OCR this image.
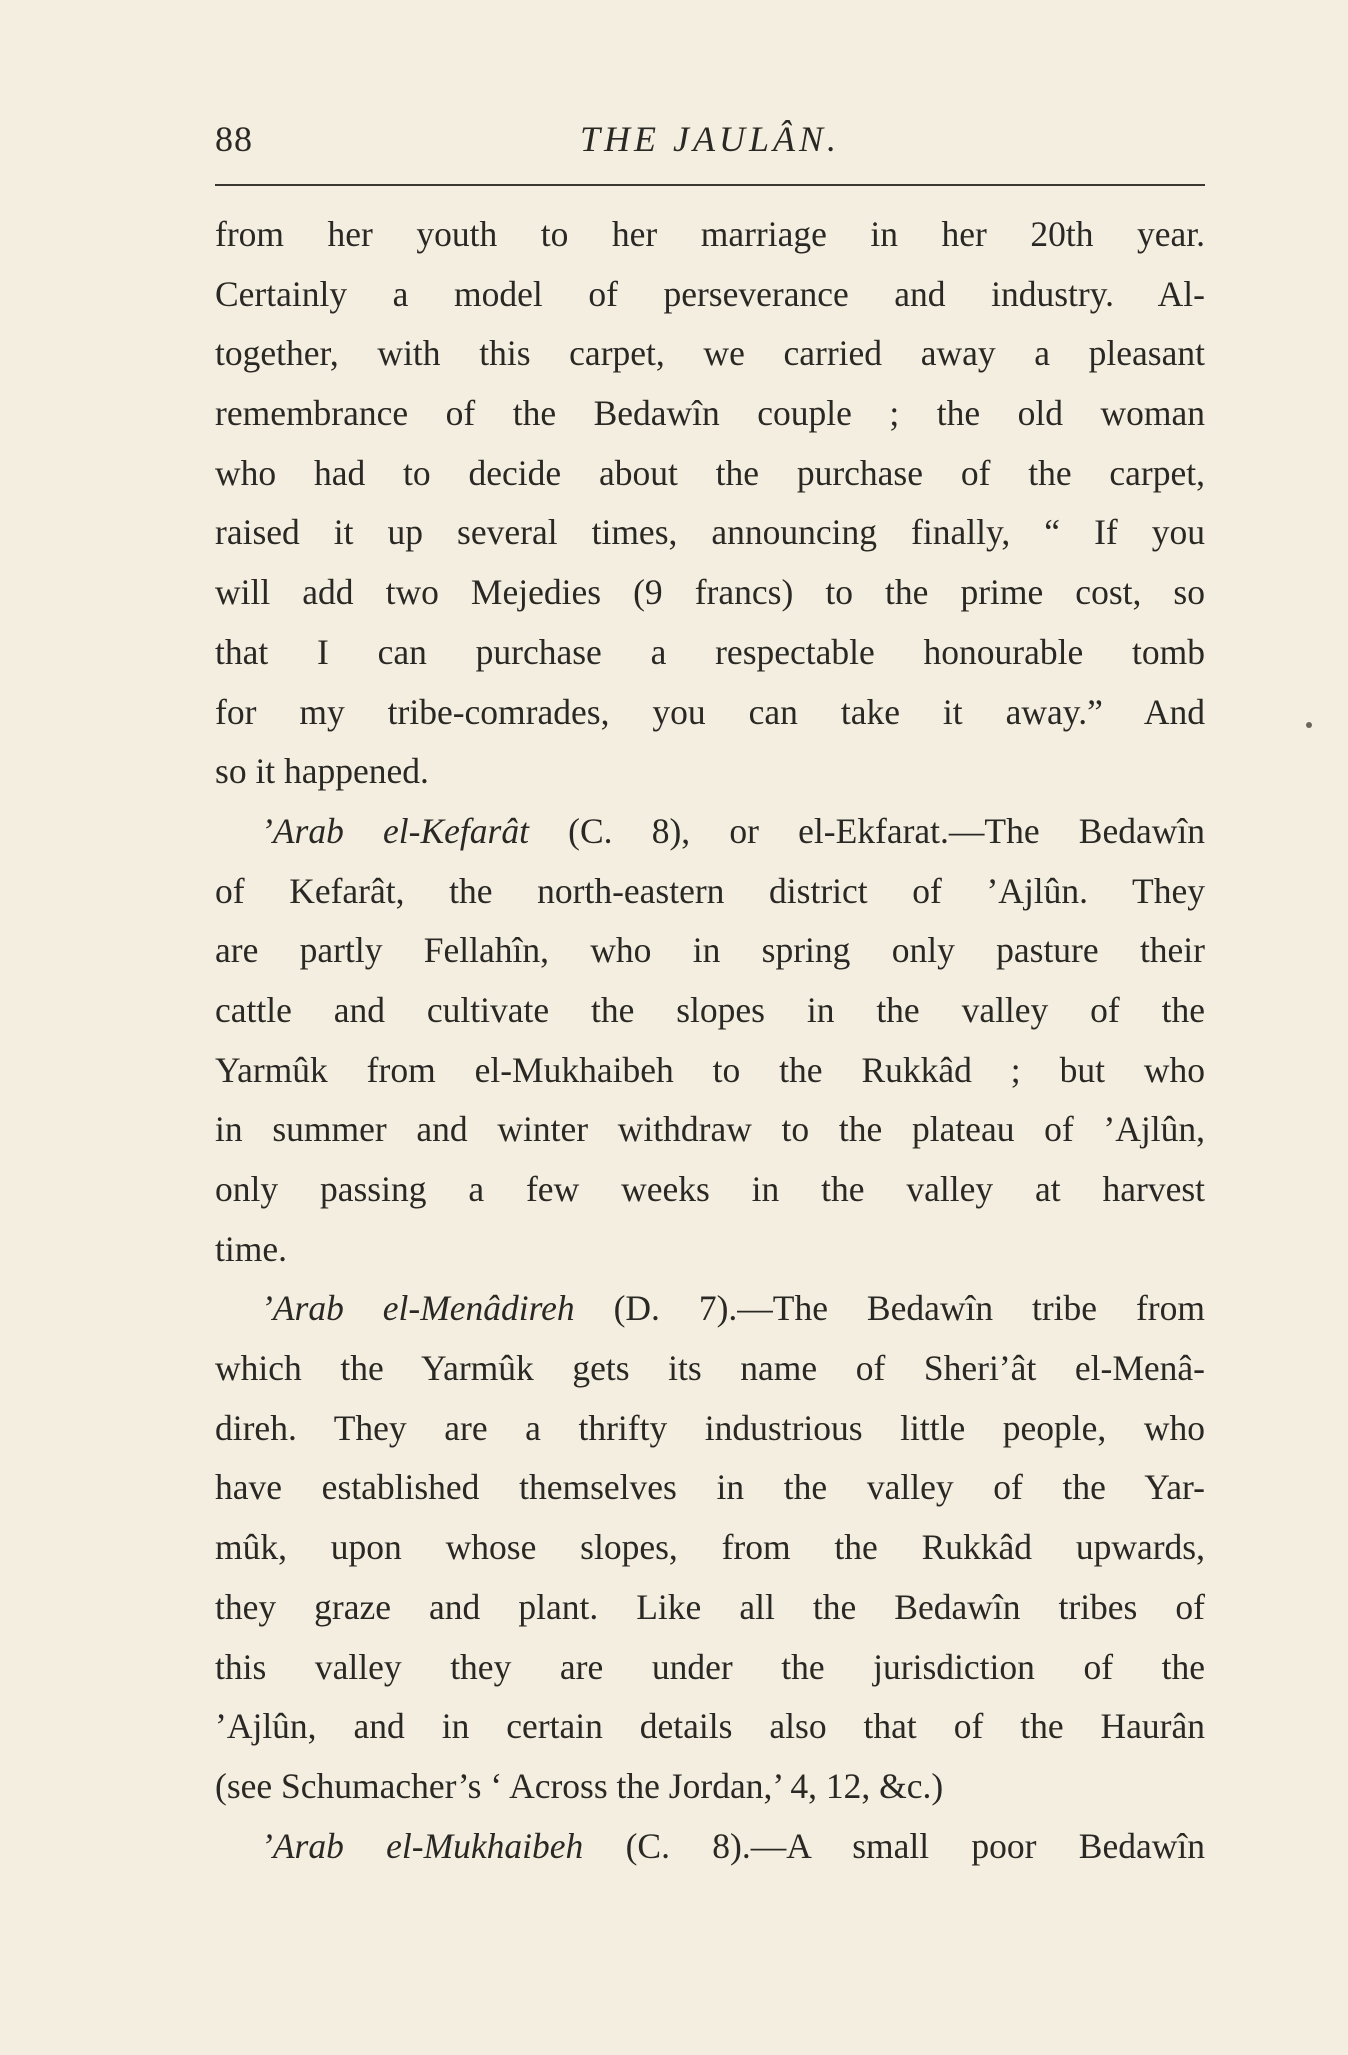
88	THE JAULÂN.
from her youth to her marriage in her 20th year.
Certainly a model of perseverance and industry. Al-
together, with this carpet, we carried away a pleasant
remembrance of the Bedawîn couple ; the old woman
who had to decide about the purchase of the carpet,
raised it up several times, announcing finally, “ If you
will add two Mejedies (9 francs) to the prime cost, so
that I can purchase a respectable honourable tomb
for my tribe-comrades, you can take it away.” And
so it happened.
’Arab el-Kefarât (C. 8), or el-Ekfarat.—The Bedawîn
of Kefarât, the north-eastern district of ’Ajlûn. They
are partly Fellahîn, who in spring only pasture their
cattle and cultivate the slopes in the valley of the
Yarmûk from el-Mukhaibeh to the Rukkâd ; but who
in summer and winter withdraw to the plateau of ’Ajlûn,
only passing a few weeks in the valley at harvest
time.
’Arab el-Menâdireh (D. 7).—The Bedawîn tribe from
which the Yarmûk gets its name of Sheri’ât el-Menâ-
direh. They are a thrifty industrious little people, who
have established themselves in the valley of the Yar-
mûk, upon whose slopes, from the Rukkâd upwards,
they graze and plant. Like all the Bedawîn tribes of
this valley they are under the jurisdiction of the
’Ajlûn, and in certain details also that of the Haurân
(see Schumacher’s ‘ Across the Jordan,’ 4, 12, &c.)
’Arab el-Mukhaibeh (C. 8).—A small poor Bedawîn
